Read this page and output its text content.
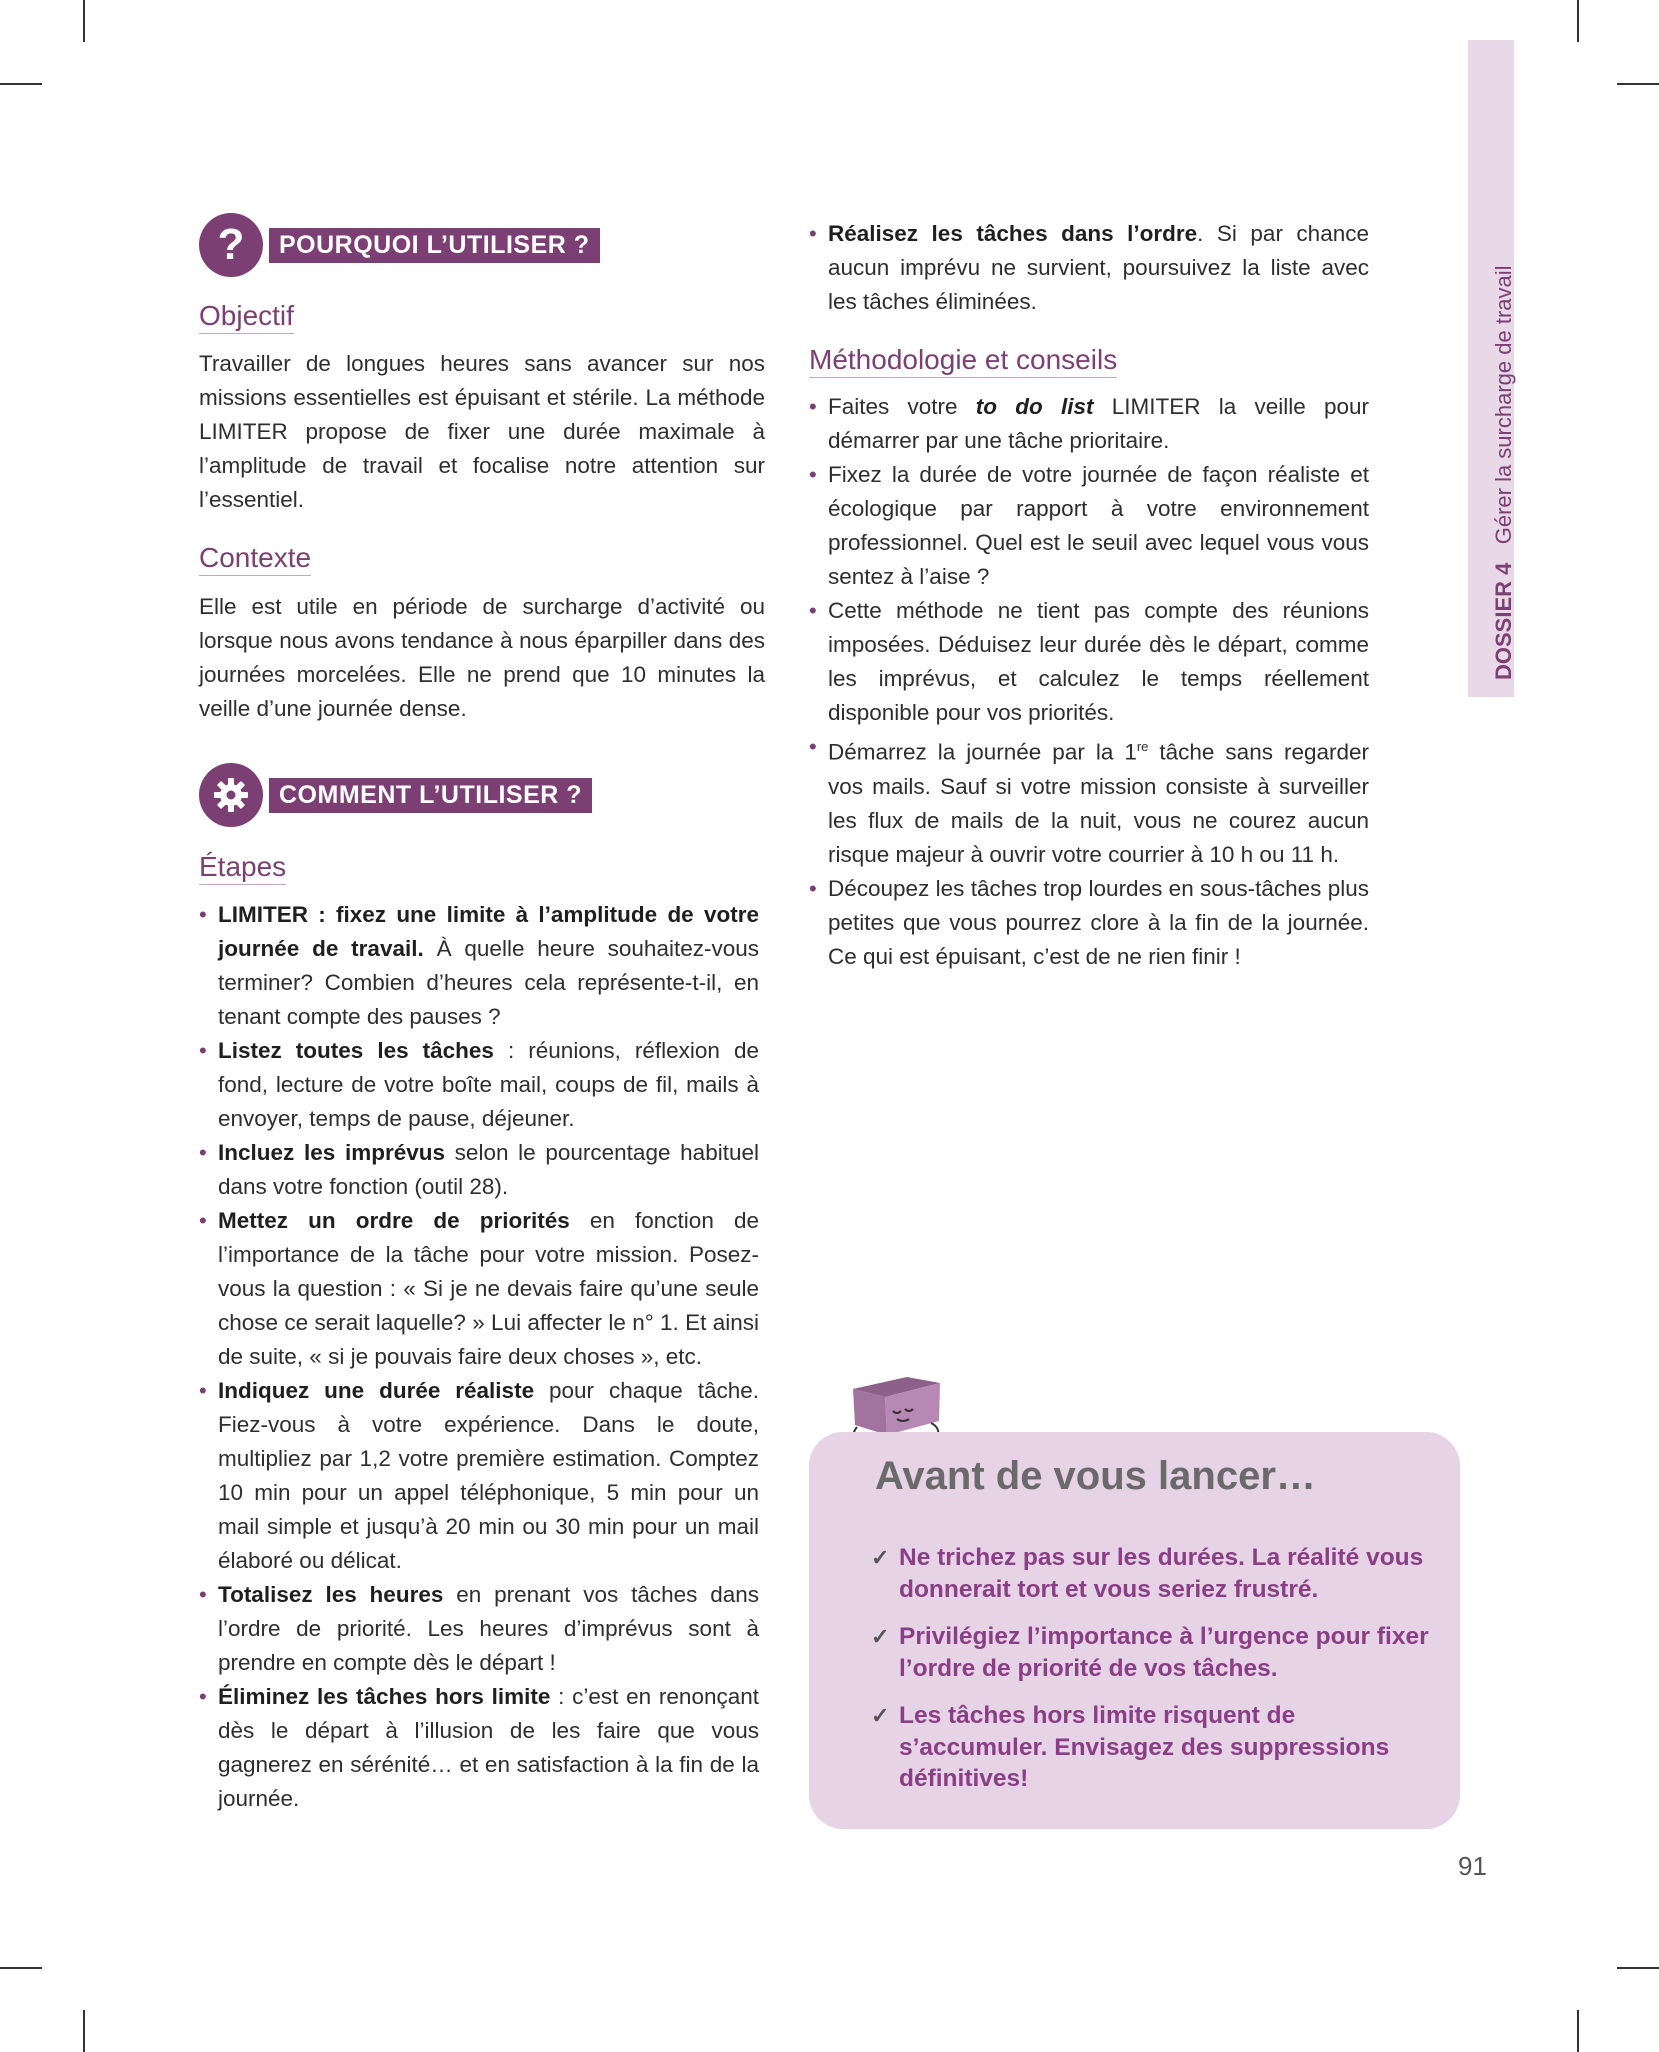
DOSSIER 4   Gérer la surcharge de travail
?	POURQUOI L’UTILISER ?
Objectif
Travailler de longues heures sans avancer sur nos missions essentielles est épuisant et stérile. La méthode LIMITER propose de fixer une durée maximale à l’amplitude de travail et focalise notre attention sur l’essentiel.
Contexte
Elle est utile en période de surcharge d’activité ou lorsque nous avons tendance à nous éparpiller dans des journées morcelées. Elle ne prend que 10 minutes la veille d’une journée dense.
COMMENT L’UTILISER ?
Étapes
• LIMITER : fixez une limite à l’amplitude de votre journée de travail. À quelle heure souhaitez-vous terminer? Combien d’heures cela représente-t-il, en tenant compte des pauses ?
• Listez toutes les tâches : réunions, réflexion de fond, lecture de votre boîte mail, coups de fil, mails à envoyer, temps de pause, déjeuner.
• Incluez les imprévus selon le pourcentage habituel dans votre fonction (outil 28).
• Mettez un ordre de priorités en fonction de l’importance de la tâche pour votre mission. Posez-vous la question : « Si je ne devais faire qu’une seule chose ce serait laquelle? » Lui affecter le n° 1. Et ainsi de suite, « si je pouvais faire deux choses », etc.
• Indiquez une durée réaliste pour chaque tâche. Fiez-vous à votre expérience. Dans le doute, multipliez par 1,2 votre première estimation. Comptez 10 min pour un appel téléphonique, 5 min pour un mail simple et jusqu’à 20 min ou 30 min pour un mail élaboré ou délicat.
• Totalisez les heures en prenant vos tâches dans l’ordre de priorité. Les heures d’imprévus sont à prendre en compte dès le départ !
• Éliminez les tâches hors limite : c’est en renonçant dès le départ à l’illusion de les faire que vous gagnerez en sérénité… et en satisfaction à la fin de la journée.
• Réalisez les tâches dans l’ordre. Si par chance aucun imprévu ne survient, poursuivez la liste avec les tâches éliminées.
Méthodologie et conseils
• Faites votre to do list LIMITER la veille pour démarrer par une tâche prioritaire.
• Fixez la durée de votre journée de façon réaliste et écologique par rapport à votre environnement professionnel. Quel est le seuil avec lequel vous vous sentez à l’aise ?
• Cette méthode ne tient pas compte des réunions imposées. Déduisez leur durée dès le départ, comme les imprévus, et calculez le temps réellement disponible pour vos priorités.
• Démarrez la journée par la 1re tâche sans regarder vos mails. Sauf si votre mission consiste à surveiller les flux de mails de la nuit, vous ne courez aucun risque majeur à ouvrir votre courrier à 10 h ou 11 h.
• Découpez les tâches trop lourdes en sous-tâches plus petites que vous pourrez clore à la fin de la journée. Ce qui est épuisant, c’est de ne rien finir !
Avant de vous lancer…
✓ Ne trichez pas sur les durées. La réalité vous donnerait tort et vous seriez frustré.
✓ Privilégiez l’importance à l’urgence pour fixer l’ordre de priorité de vos tâches.
✓ Les tâches hors limite risquent de s’accumuler. Envisagez des suppressions définitives!
91
